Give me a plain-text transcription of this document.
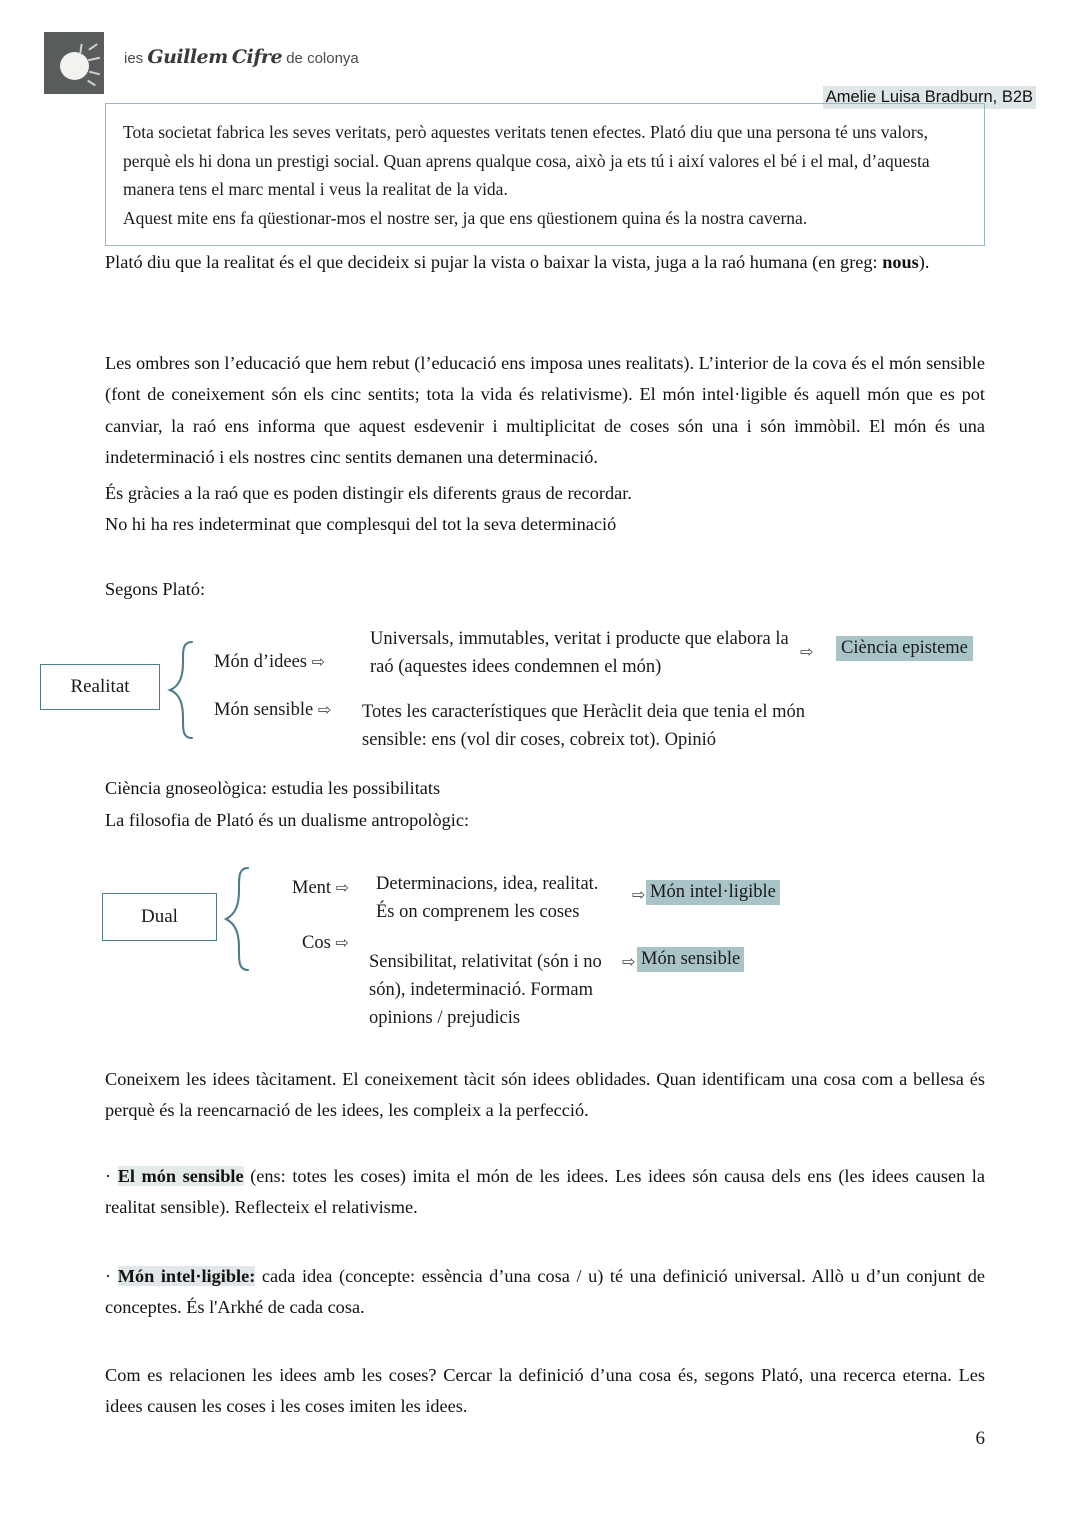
ies Guillem Cifre de colonya
Amelie Luisa Bradburn, B2B

Tota societat fabrica les seves veritats, però aquestes veritats tenen efectes. Plató diu que una persona té uns valors, perquè els hi dona un prestigi social. Quan aprens qualque cosa, això ja ets tú i així valores el bé i el mal, d’aquesta manera tens el marc mental i veus la realitat de la vida.

Aquest mite ens fa qüestionar-mos el nostre ser, ja que ens qüestionem quina és la nostra caverna.

Plató diu que la realitat és el que decideix si pujar la vista o baixar la vista, juga a la raó humana (en greg: nous).
Les ombres son l’educació que hem rebut (l’educació ens imposa unes realitats). L’interior de la cova és el món sensible (font de coneixement són els cinc sentits; tota la vida és relativisme). El món intel·ligible és aquell món que es pot canviar, la raó ens informa que aquest esdevenir i multiplicitat de coses són una i són immòbil. El món és una indeterminació i els nostres cinc sentits demanen una determinació.
És gràcies a la raó que es poden distingir els diferents graus de recordar.
No hi ha res indeterminat que complesqui del tot la seva determinació
Segons Plató:
Realitat
Món d’idees ⇨
Universals, immutables, veritat i producte que elabora la raó (aquestes idees condemnen el món)
⇨ Ciència episteme
Món sensible ⇨ Totes les característiques que Heràclit deia que tenia el món sensible: ens (vol dir coses, cobreix tot). Opinió
Ciència gnoseològica: estudia les possibilitats
La filosofia de Plató és un dualisme antropològic:
Dual
Ment ⇨ Determinacions, idea, realitat.
És on comprenem les coses
⇨ Món intel·ligible
Cos ⇨
Sensibilitat, relativitat (són i no
són), indeterminació. Formam
opinions / prejudicis
⇨ Món sensible
Coneixem les idees tàcitament. El coneixement tàcit són idees oblidades. Quan identificam una cosa com a bellesa és perquè és la reencarnació de les idees, les compleix a la perfecció.
· El món sensible (ens: totes les coses) imita el món de les idees. Les idees són causa dels ens (les idees causen la realitat sensible). Reflecteix el relativisme.
· Món intel·ligible: cada idea (concepte: essència d’una cosa / u) té una definició universal. Allò u d’un conjunt de conceptes. És l'Arkhé de cada cosa.
Com es relacionen les idees amb les coses? Cercar la definició d’una cosa és, segons Plató, una recerca eterna. Les idees causen les coses i les coses imiten les idees.
6
